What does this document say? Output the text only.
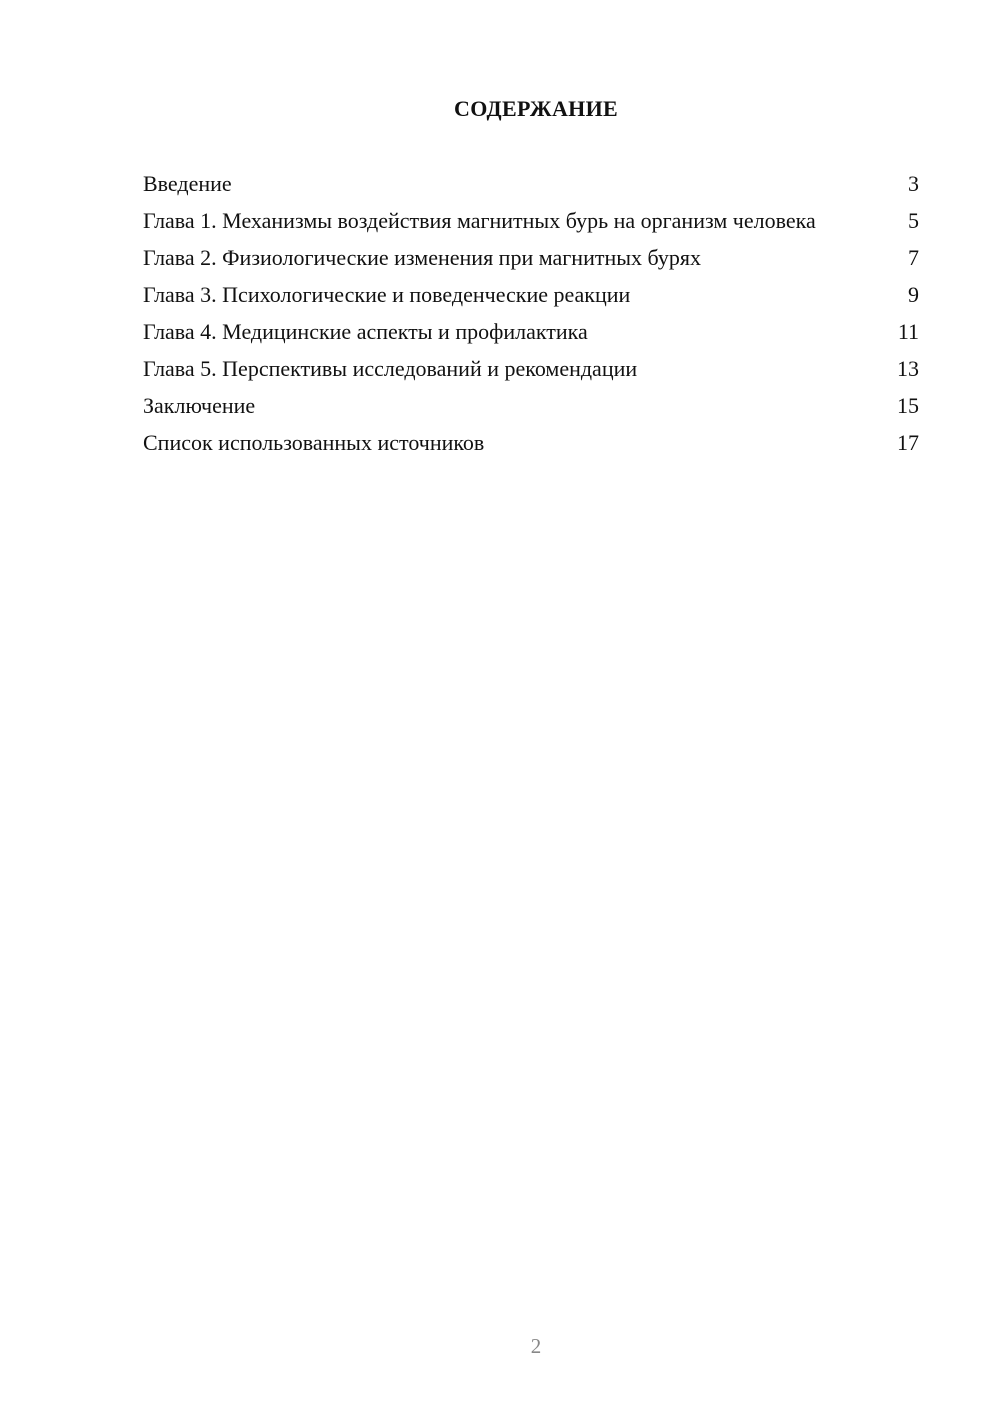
СОДЕРЖАНИЕ
Введение	3
Глава 1. Механизмы воздействия магнитных бурь на организм человека	5
Глава 2. Физиологические изменения при магнитных бурях	7
Глава 3. Психологические и поведенческие реакции	9
Глава 4. Медицинские аспекты и профилактика	11
Глава 5. Перспективы исследований и рекомендации	13
Заключение	15
Список использованных источников	17
2
